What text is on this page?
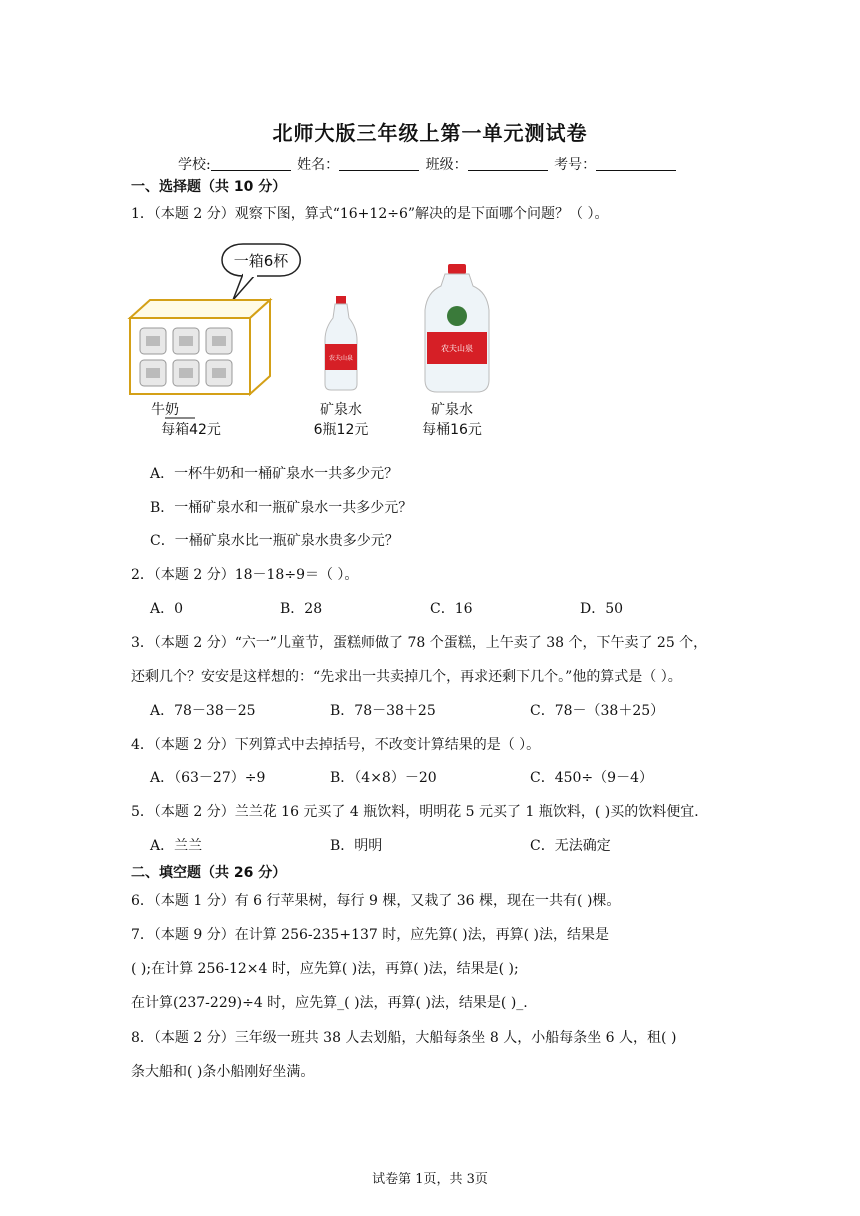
北师大版三年级上第一单元测试卷
学校:	姓名：	班级：	考号：
一、选择题（共 10 分）
1．（本题 2 分）观察下图，算式“16+12÷6”解决的是下面哪个问题？（ ）。
一箱6杯
农夫山泉
农夫山泉
牛奶
每箱42元
矿泉水
6瓶12元
矿泉水
每桶16元
A．一杯牛奶和一桶矿泉水一共多少元？
B．一桶矿泉水和一瓶矿泉水一共多少元？
C．一桶矿泉水比一瓶矿泉水贵多少元？
2．（本题 2 分）18－18÷9＝（ ）。
A．0	B．28	C．16	D．50
3．（本题 2 分）“六一”儿童节，蛋糕师做了 78 个蛋糕，上午卖了 38 个，下午卖了 25 个，
还剩几个？安安是这样想的：“先求出一共卖掉几个，再求还剩下几个。”他的算式是（ ）。
A．78－38－25	B．78－38＋25	C．78－（38＋25）
4．（本题 2 分）下列算式中去掉括号，不改变计算结果的是（ ）。
A．（63－27）÷9	B．（4×8）－20	C．450÷（9－4）
5．（本题 2 分）兰兰花 16 元买了 4 瓶饮料，明明花 5 元买了 1 瓶饮料，( )买的饮料便宜．
A．兰兰	B．明明	C．无法确定
二、填空题（共 26 分）
6．（本题 1 分）有 6 行苹果树，每行 9 棵，又栽了 36 棵，现在一共有( )棵。
7．（本题 9 分）在计算 256-235+137 时，应先算( )法，再算( )法，结果是
( );在计算 256-12×4 时，应先算( )法，再算( )法，结果是( );
在计算(237-229)÷4 时，应先算_( )法，再算( )法，结果是( )_.
8．（本题 2 分）三年级一班共 38 人去划船，大船每条坐 8 人，小船每条坐 6 人，租( )
条大船和( )条小船刚好坐满。
试卷第 1页，共 3页
